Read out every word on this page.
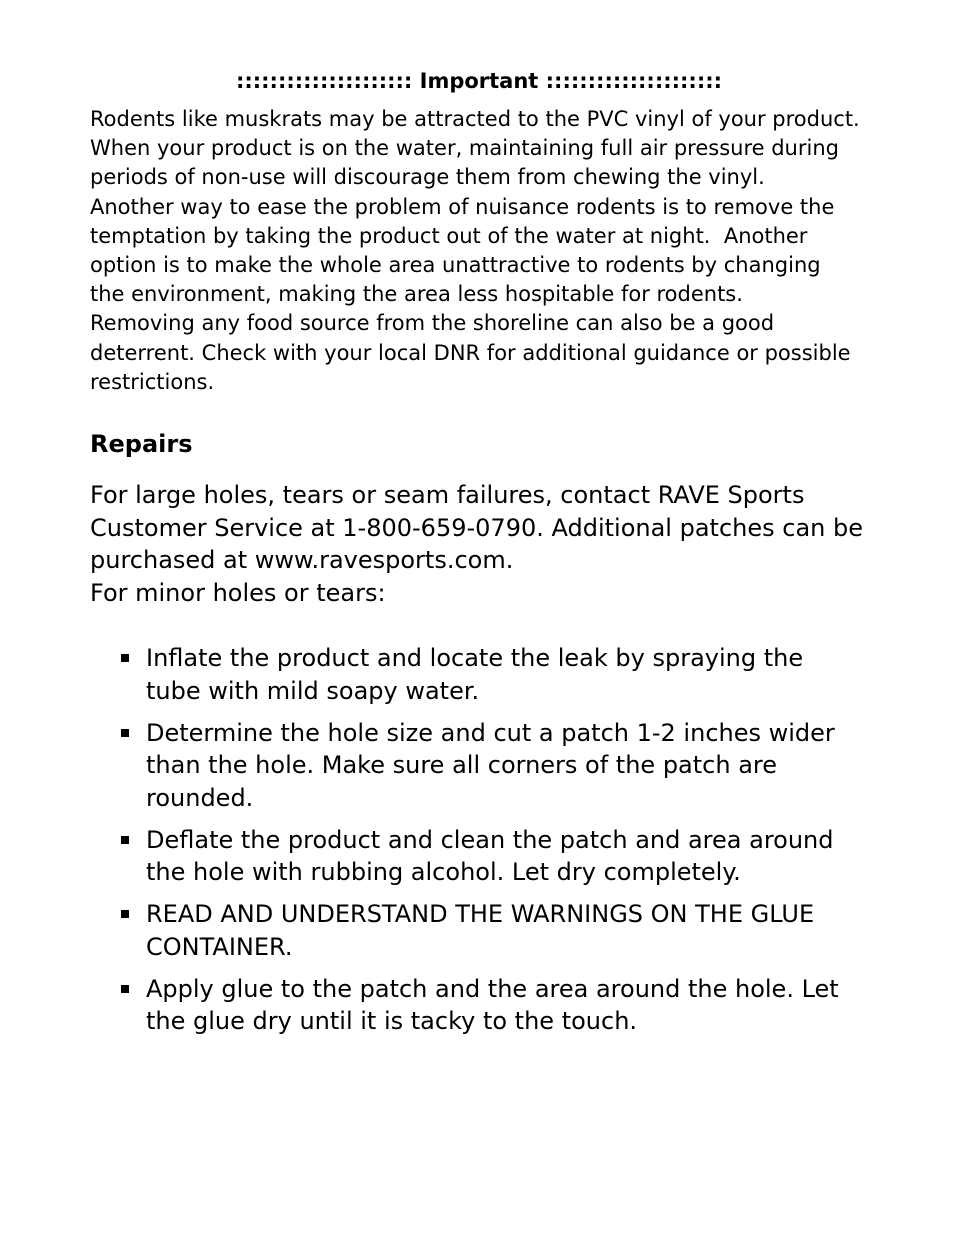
::::::::::::::::::::: Important :::::::::::::::::::::
Rodents like muskrats may be attracted to the PVC vinyl of your product.
When your product is on the water, maintaining full air pressure during
periods of non-use will discourage them from chewing the vinyl.
Another way to ease the problem of nuisance rodents is to remove the
temptation by taking the product out of the water at night.  Another
option is to make the whole area unattractive to rodents by changing
the environment, making the area less hospitable for rodents.
Removing any food source from the shoreline can also be a good
deterrent. Check with your local DNR for additional guidance or possible
restrictions.
Repairs
For large holes, tears or seam failures, contact RAVE Sports
Customer Service at 1-800-659-0790. Additional patches can be
purchased at www.ravesports.com.
For minor holes or tears:
Inflate the product and locate the leak by spraying the
tube with mild soapy water.
Determine the hole size and cut a patch 1-2 inches wider
than the hole. Make sure all corners of the patch are
rounded.
Deflate the product and clean the patch and area around
the hole with rubbing alcohol. Let dry completely.
READ AND UNDERSTAND THE WARNINGS ON THE GLUE
CONTAINER.
Apply glue to the patch and the area around the hole. Let
the glue dry until it is tacky to the touch.
